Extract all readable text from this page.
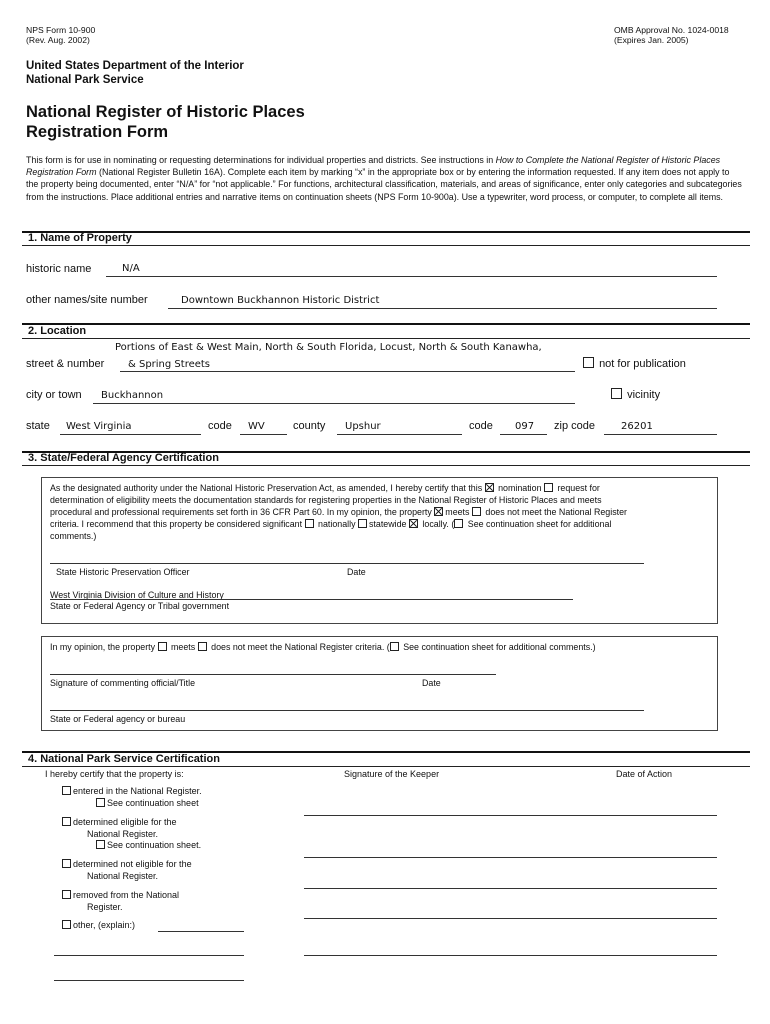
NPS Form 10-900
(Rev. Aug. 2002)
OMB Approval No. 1024-0018
(Expires Jan. 2005)
United States Department of the Interior
National Park Service
National Register of Historic Places
Registration Form
This form is for use in nominating or requesting determinations for individual properties and districts. See instructions in How to Complete the National Register of Historic Places Registration Form (National Register Bulletin 16A). Complete each item by marking “x” in the appropriate box or by entering the information requested. If any item does not apply to the property being documented, enter “N/A” for “not applicable.” For functions, architectural classification, materials, and areas of significance, enter only categories and subcategories from the instructions. Place additional entries and narrative items on continuation sheets (NPS Form 10-900a). Use a typewriter, word process, or computer, to complete all items.
1. Name of Property
historic name	N/A
other names/site number	Downtown Buckhannon Historic District
2. Location
Portions of East & West Main, North & South Florida, Locust, North & South Kanawha,
street & number & Spring Streets	not for publication
city or town Buckhannon	vicinity
state West Virginia	code WV	county Upshur	code 097 zip code	26201
3. State/Federal Agency Certification
As the designated authority under the National Historic Preservation Act, as amended, I hereby certify that this nomination request for
determination of eligibility meets the documentation standards for registering properties in the National Register of Historic Places and meets
procedural and professional requirements set forth in 36 CFR Part 60. In my opinion, the property meets does not meet the National Register
criteria. I recommend that this property be considered significant nationally statewide locally. ( See continuation sheet for additional
comments.)
State Historic Preservation Officer	Date
West Virginia Division of Culture and History
State or Federal Agency or Tribal government
In my opinion, the property meets does not meet the National Register criteria. ( See continuation sheet for additional comments.)
Signature of commenting official/Title	Date
State or Federal agency or bureau
4. National Park Service Certification
I hereby certify that the property is:	Signature of the Keeper	Date of Action
entered in the National Register.
See continuation sheet
determined eligible for the
National Register.
See continuation sheet.
determined not eligible for the
National Register.
removed from the National
Register.
other, (explain:)
